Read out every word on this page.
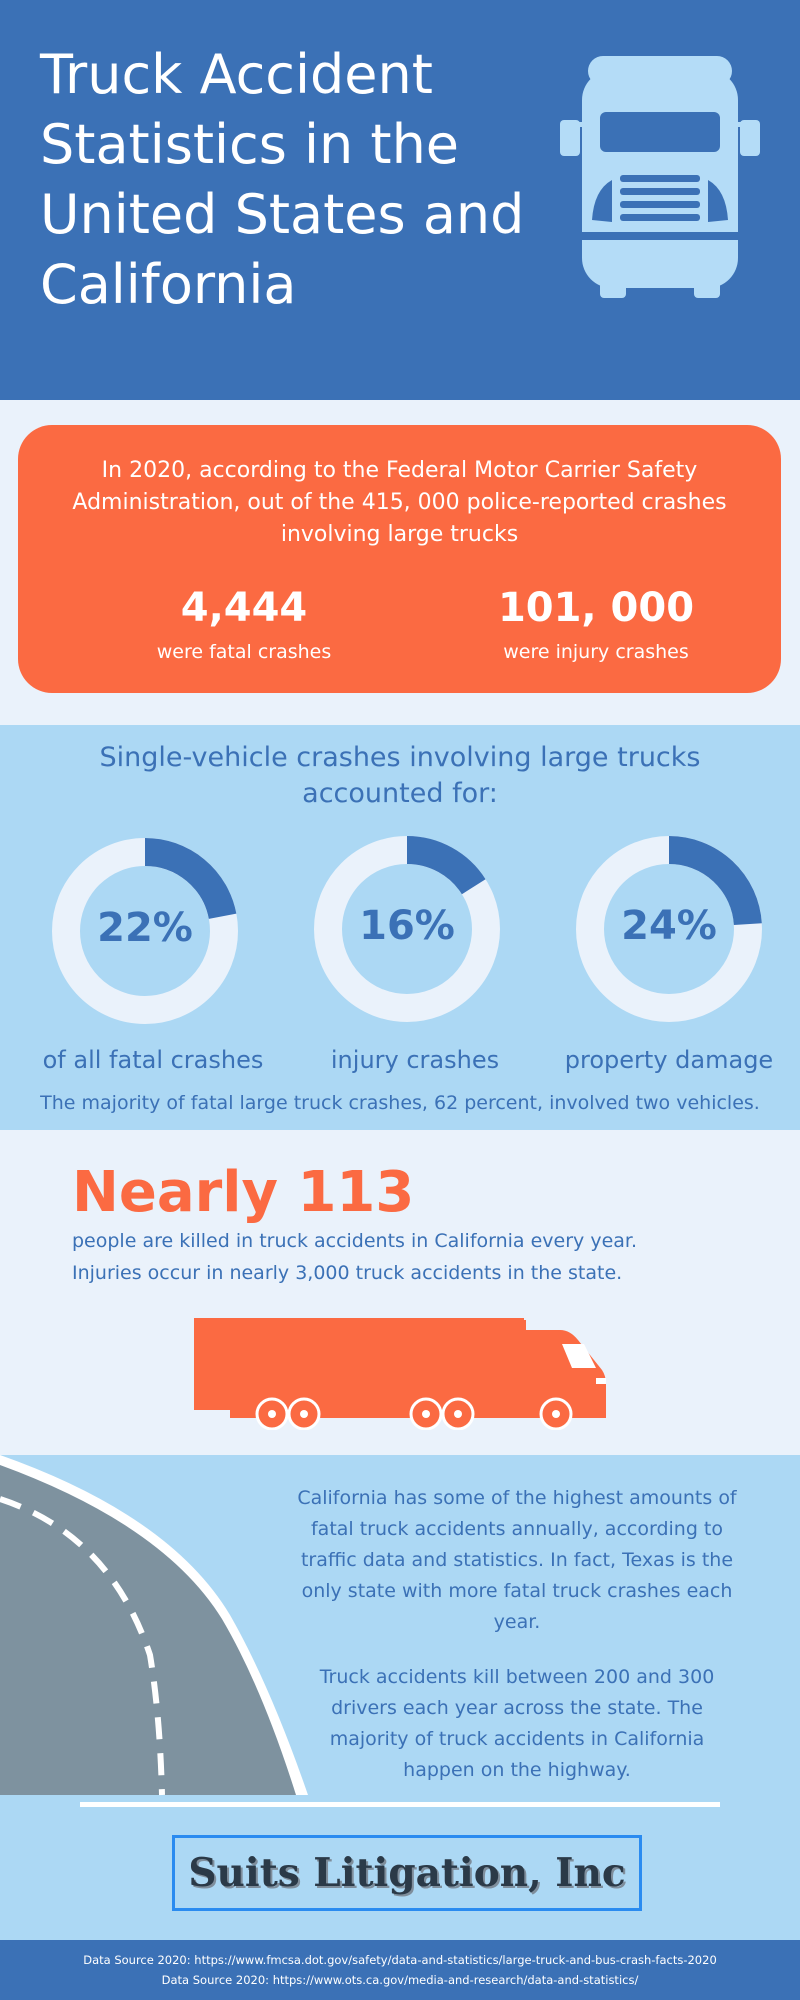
Truck Accident
Statistics in the
United States and
California
In 2020, according to the Federal Motor Carrier Safety Administration, out of the 415, 000 police-reported crashes involving large trucks
4,444
were fatal crashes
101, 000
were injury crashes
Single-vehicle crashes involving large trucks
accounted for:
22%
of all fatal crashes
16%
injury crashes
24%
property damage
The majority of fatal large truck crashes, 62 percent, involved two vehicles.
Nearly 113
people are killed in truck accidents in California every year.
Injuries occur in nearly 3,000 truck accidents in the state.
California has some of the highest amounts of
fatal truck accidents annually, according to
traffic data and statistics. In fact, Texas is the
only state with more fatal truck crashes each
year.
Truck accidents kill between 200 and 300
drivers each year across the state. The
majority of truck accidents in California
happen on the highway.
Suits Litigation, Inc
Data Source 2020: https://www.fmcsa.dot.gov/safety/data-and-statistics/large-truck-and-bus-crash-facts-2020
Data Source 2020: https://www.ots.ca.gov/media-and-research/data-and-statistics/
